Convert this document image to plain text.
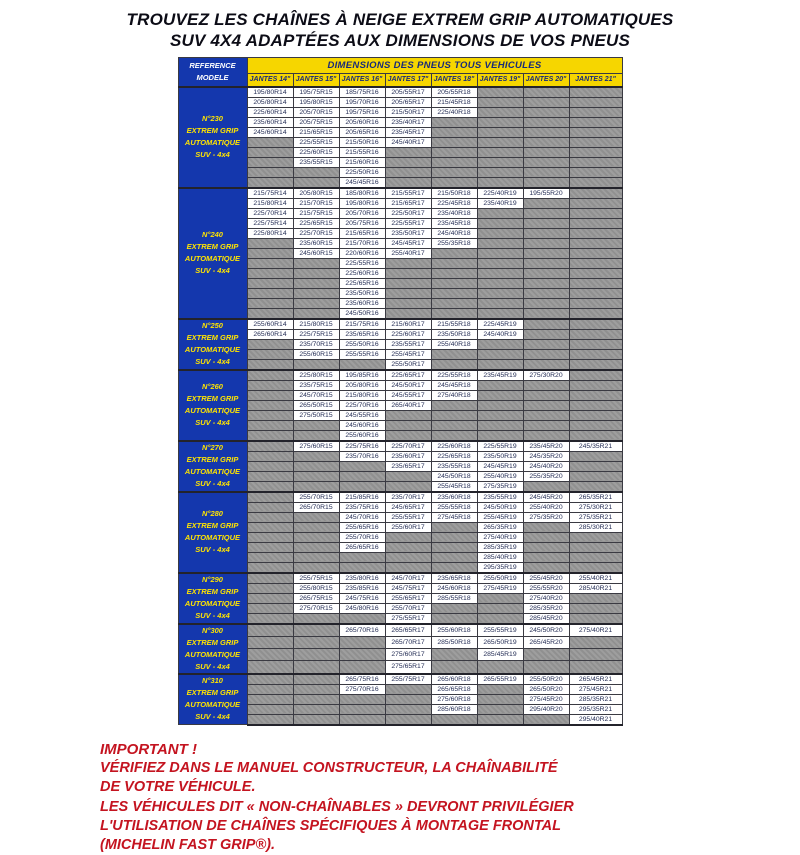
TROUVEZ LES CHAÎNES À NEIGE EXTREM GRIP AUTOMATIQUES
SUV 4X4 ADAPTÉES AUX DIMENSIONS DE VOS PNEUS
REFERENCE
MODELE	DIMENSIONS DES PNEUS TOUS VEHICULES							
	JANTES 14"	JANTES 15"	JANTES 16"	JANTES 17"	JANTES 18"	JANTES 19"	JANTES 20"	JANTES 21"

N°230
EXTREM GRIP
AUTOMATIQUE
SUV - 4x4	195/80R14	195/75R15	185/75R16	205/55R17	205/55R18			
	205/80R14	195/80R15	195/70R16	205/65R17	215/45R18			
	225/60R14	205/70R15	195/75R16	215/50R17	225/40R18			
	235/60R14	205/75R15	205/60R16	235/40R17				
	245/60R14	215/65R15	205/65R16	235/45R17				
		225/55R15	215/50R16	245/40R17				
		225/60R15	215/55R16					
		235/55R15	215/60R16					
			225/50R16					
			245/45R16					

N°240
EXTREM GRIP
AUTOMATIQUE
SUV - 4x4	215/75R14	205/80R15	185/80R16	215/55R17	215/50R18	225/40R19	195/55R20	
	215/80R14	215/70R15	195/80R16	215/65R17	225/45R18	235/40R19		
	225/70R14	215/75R15	205/70R16	225/50R17	235/40R18			
	225/75R14	225/65R15	205/75R16	225/55R17	235/45R18			
	225/80R14	225/70R15	215/65R16	235/50R17	245/40R18			
		235/60R15	215/70R16	245/45R17	255/35R18			
		245/60R15	220/60R16	255/40R17				
			225/55R16					
			225/60R16					
			225/65R16					
			235/50R16					
			235/60R16					
			245/50R16					

N°250
EXTREM GRIP
AUTOMATIQUE
SUV - 4x4	255/60R14	215/80R15	215/75R16	215/60R17	215/55R18	225/45R19		
	265/60R14	225/75R15	235/65R16	225/60R17	235/50R18	245/40R19		
		235/70R15	255/50R16	235/55R17	255/40R18			
		255/60R15	255/55R16	255/45R17				
				255/50R17				

N°260
EXTREM GRIP
AUTOMATIQUE
SUV - 4x4		225/80R15	195/85R16	225/65R17	225/55R18	235/45R19	275/30R20	
		235/75R15	205/80R16	245/50R17	245/45R18			
		245/70R15	215/80R16	245/55R17	275/40R18			
		265/50R15	225/70R16	265/40R17				
		275/50R15	245/55R16					
			245/60R16					
			255/60R16					

N°270
EXTREM GRIP
AUTOMATIQUE
SUV - 4x4		275/60R15	225/75R16	225/70R17	225/60R18	225/55R19	235/45R20	245/35R21
			235/70R16	235/60R17	225/65R18	235/50R19	245/35R20	
				235/65R17	235/55R18	245/45R19	245/40R20	
					245/50R18	255/40R19	255/35R20	
					255/45R18	275/35R19		

N°280
EXTREM GRIP
AUTOMATIQUE
SUV - 4x4		255/70R15	215/85R16	235/70R17	235/60R18	235/55R19	245/45R20	265/35R21
		265/70R15	235/75R16	245/65R17	255/55R18	245/50R19	255/40R20	275/30R21
			245/70R16	255/55R17	275/45R18	255/45R19	275/35R20	275/35R21
			255/65R16	255/60R17		265/35R19		285/30R21
			255/70R16			275/40R19		
			265/65R16			285/35R19		
						285/40R19		
						295/35R19		

N°290
EXTREM GRIP
AUTOMATIQUE
SUV - 4x4		255/75R15	235/80R16	245/70R17	235/65R18	255/50R19	255/45R20	255/40R21
		255/80R15	235/85R16	245/75R17	245/60R18	275/45R19	255/55R20	285/40R21
		265/75R15	245/75R16	255/65R17	285/55R18		275/40R20	
		275/70R15	245/80R16	255/70R17			285/35R20	
				275/55R17			285/45R20	

N°300
EXTREM GRIP
AUTOMATIQUE
SUV - 4x4			265/70R16	265/65R17	255/60R18	255/55R19	245/50R20	275/40R21
				265/70R17	285/50R18	265/50R19	265/45R20	
				275/60R17		285/45R19		
				275/65R17				

N°310
EXTREM GRIP
AUTOMATIQUE
SUV - 4x4			265/75R16	255/75R17	265/60R18	265/55R19	255/50R20	265/45R21
			275/70R16		265/65R18		265/50R20	275/45R21
					275/60R18		275/45R20	285/35R21
					285/60R18		295/40R20	295/35R21
								295/40R21
IMPORTANT !
VÉRIFIEZ DANS LE MANUEL CONSTRUCTEUR, LA CHAÎNABILITÉ
DE VOTRE VÉHICULE.
LES VÉHICULES DIT « NON-CHAÎNABLES » DEVRONT PRIVILÉGIER
L'UTILISATION DE CHAÎNES SPÉCIFIQUES À MONTAGE FRONTAL
(MICHELIN FAST GRIP®).
